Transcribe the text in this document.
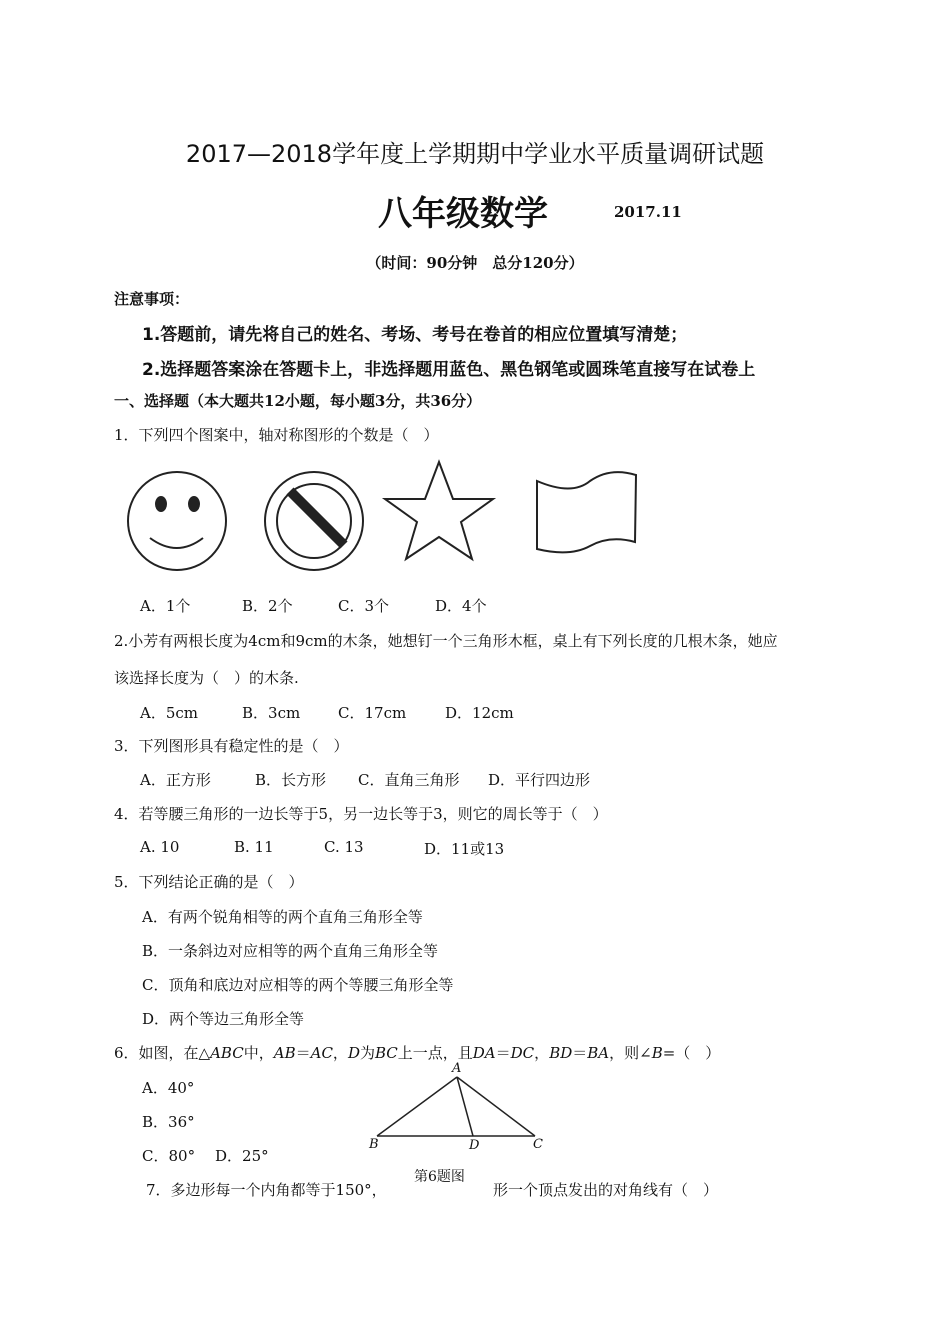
2017—2018学年度上学期期中学业水平质量调研试题
八年级数学	2017.11
（时间：90分钟　总分120分）
注意事项：
1.答题前，请先将自己的姓名、考场、考号在卷首的相应位置填写清楚；
2.选择题答案涂在答题卡上，非选择题用蓝色、黑色钢笔或圆珠笔直接写在试卷上
一、选择题（本大题共12小题，每小题3分，共36分）
1．下列四个图案中，轴对称图形的个数是（　）
A．1个	B．2个	C．3个	D．4个
2.小芳有两根长度为4cm和9cm的木条，她想钉一个三角形木框，桌上有下列长度的几根木条，她应
该选择长度为（　）的木条.
A．5cm	B．3cm	C．17cm	D．12cm
3．下列图形具有稳定性的是（　）
A．正方形	B．长方形 C．直角三角形 D．平行四边形
4．若等腰三角形的一边长等于5，另一边长等于3，则它的周长等于（　）
A. 10	B. 11	C. 13	D．11或13
5．下列结论正确的是（　）
A．有两个锐角相等的两个直角三角形全等
B．一条斜边对应相等的两个直角三角形全等
C．顶角和底边对应相等的两个等腰三角形全等
D．两个等边三角形全等
6．如图，在△ABC中，AB＝AC，D为BC上一点，且DA＝DC，BD＝BA，则∠B=（　）
A．40°
B．36°
C．80° D．25°
A
B	D	C
第6题图
7．多边形每一个内角都等于150°，	形一个顶点发出的对角线有（　）
